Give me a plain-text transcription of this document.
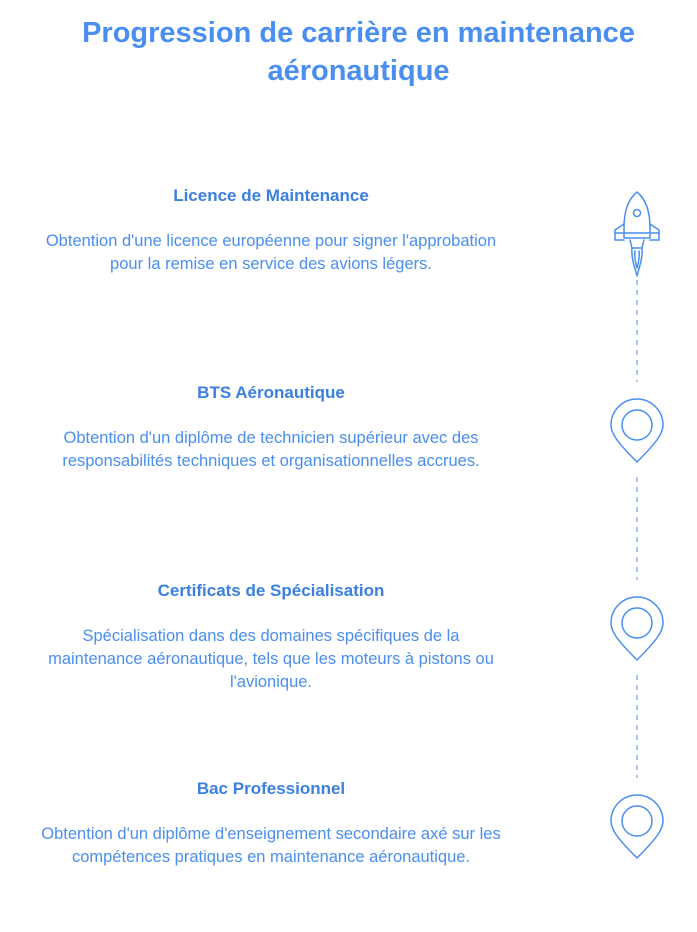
Progression de carrière en maintenance aéronautique
Licence de Maintenance
Obtention d'une licence européenne pour signer l'approbation pour la remise en service des avions légers.
BTS Aéronautique
Obtention d'un diplôme de technicien supérieur avec des responsabilités techniques et organisationnelles accrues.
Certificats de Spécialisation
Spécialisation dans des domaines spécifiques de la maintenance aéronautique, tels que les moteurs à pistons ou l'avionique.
Bac Professionnel
Obtention d'un diplôme d'enseignement secondaire axé sur les compétences pratiques en maintenance aéronautique.
